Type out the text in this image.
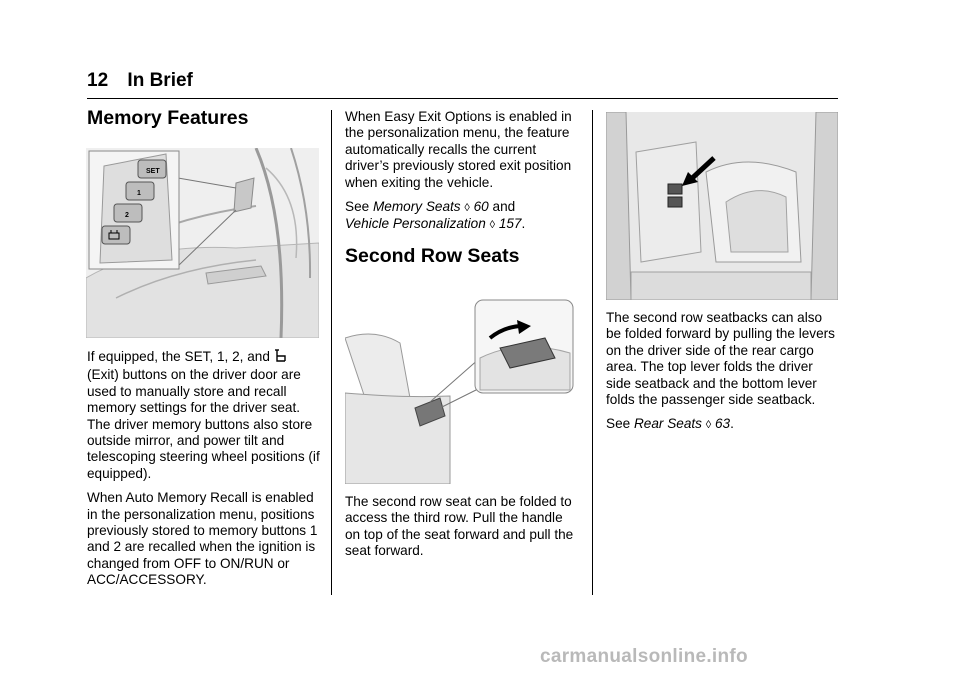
12 In Brief
Memory Features
SET
1
2

If equipped, the SET, 1, 2, and  (Exit) buttons on the driver door are used to manually store and recall memory settings for the driver seat. The driver memory buttons also store outside mirror, and power tilt and telescoping steering wheel positions (if equipped).

When Auto Memory Recall is enabled in the personalization menu, positions previously stored to memory buttons 1 and 2 are recalled when the ignition is changed from OFF to ON/RUN or ACC/ACCESSORY.

When Easy Exit Options is enabled in the personalization menu, the feature automatically recalls the current driver’s previously stored exit position when exiting the vehicle.

See Memory Seats ◊ 60 and
Vehicle Personalization ◊ 157.

Second Row Seats

The second row seat can be folded to access the third row. Pull the handle on top of the seat forward and pull the seat forward.

The second row seatbacks can also be folded forward by pulling the levers on the driver side of the rear cargo area. The top lever folds the driver side seatback and the bottom lever folds the passenger side seatback.

See Rear Seats ◊ 63.

carmanualsonline.info
